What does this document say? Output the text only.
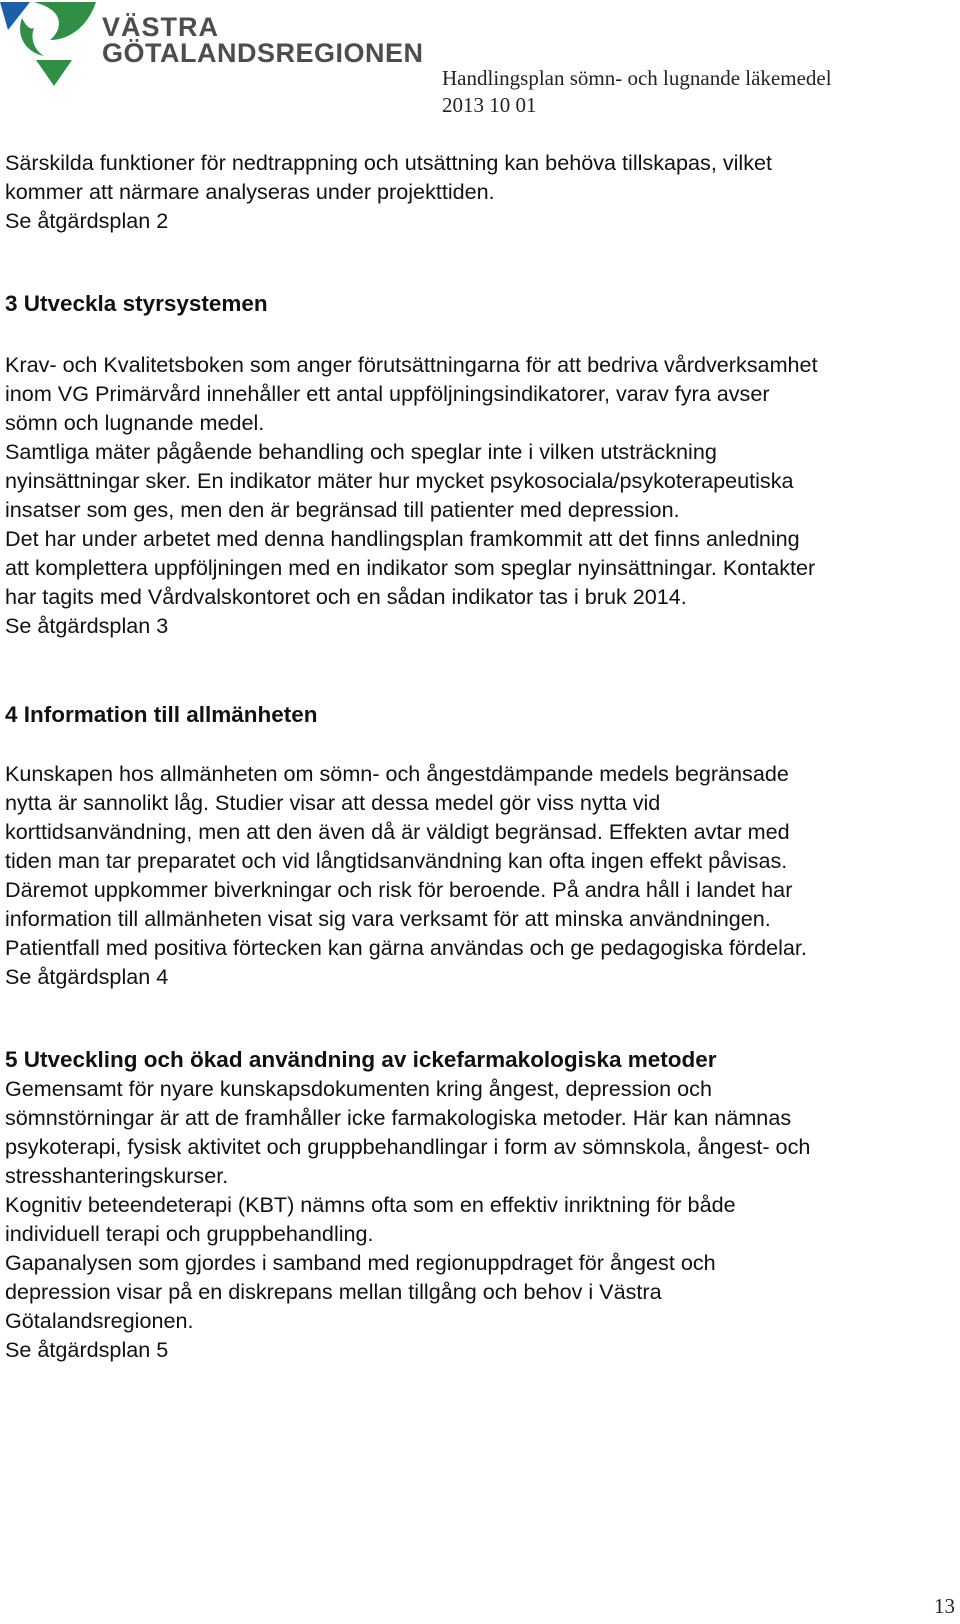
VÄSTRA
GÖTALANDSREGIONEN
Handlingsplan sömn- och lugnande läkemedel
2013 10 01

Särskilda funktioner för nedtrappning och utsättning kan behöva tillskapas, vilket
kommer att närmare analyseras under projekttiden.

Se åtgärdsplan 2

3 Utveckla styrsystemen

Krav- och Kvalitetsboken som anger förutsättningarna för att bedriva vårdverksamhet
inom VG Primärvård innehåller ett antal uppföljningsindikatorer, varav fyra avser
sömn och lugnande medel.

Samtliga mäter pågående behandling och speglar inte i vilken utsträckning
nyinsättningar sker. En indikator mäter hur mycket psykosociala/psykoterapeutiska
insatser som ges, men den är begränsad till patienter med depression.

Det har under arbetet med denna handlingsplan framkommit att det finns anledning
att komplettera uppföljningen med en indikator som speglar nyinsättningar. Kontakter
har tagits med Vårdvalskontoret och en sådan indikator tas i bruk 2014.

Se åtgärdsplan 3

4 Information till allmänheten

Kunskapen hos allmänheten om sömn- och ångestdämpande medels begränsade
nytta är sannolikt låg. Studier visar att dessa medel gör viss nytta vid
korttidsanvändning, men att den även då är väldigt begränsad. Effekten avtar med
tiden man tar preparatet och vid långtidsanvändning kan ofta ingen effekt påvisas.
Däremot uppkommer biverkningar och risk för beroende. På andra håll i landet har
information till allmänheten visat sig vara verksamt för att minska användningen.
Patientfall med positiva förtecken kan gärna användas och ge pedagogiska fördelar.

Se åtgärdsplan 4

5 Utveckling och ökad användning av ickefarmakologiska metoder

Gemensamt för nyare kunskapsdokumenten kring ångest, depression och
sömnstörningar är att de framhåller icke farmakologiska metoder. Här kan nämnas
psykoterapi, fysisk aktivitet och gruppbehandlingar i form av sömnskola, ångest- och
stresshanteringskurser.

Kognitiv beteendeterapi (KBT) nämns ofta som en effektiv inriktning för både
individuell terapi och gruppbehandling.

Gapanalysen som gjordes i samband med regionuppdraget för ångest och
depression visar på en diskrepans mellan tillgång och behov i Västra
Götalandsregionen.

Se åtgärdsplan 5

13
